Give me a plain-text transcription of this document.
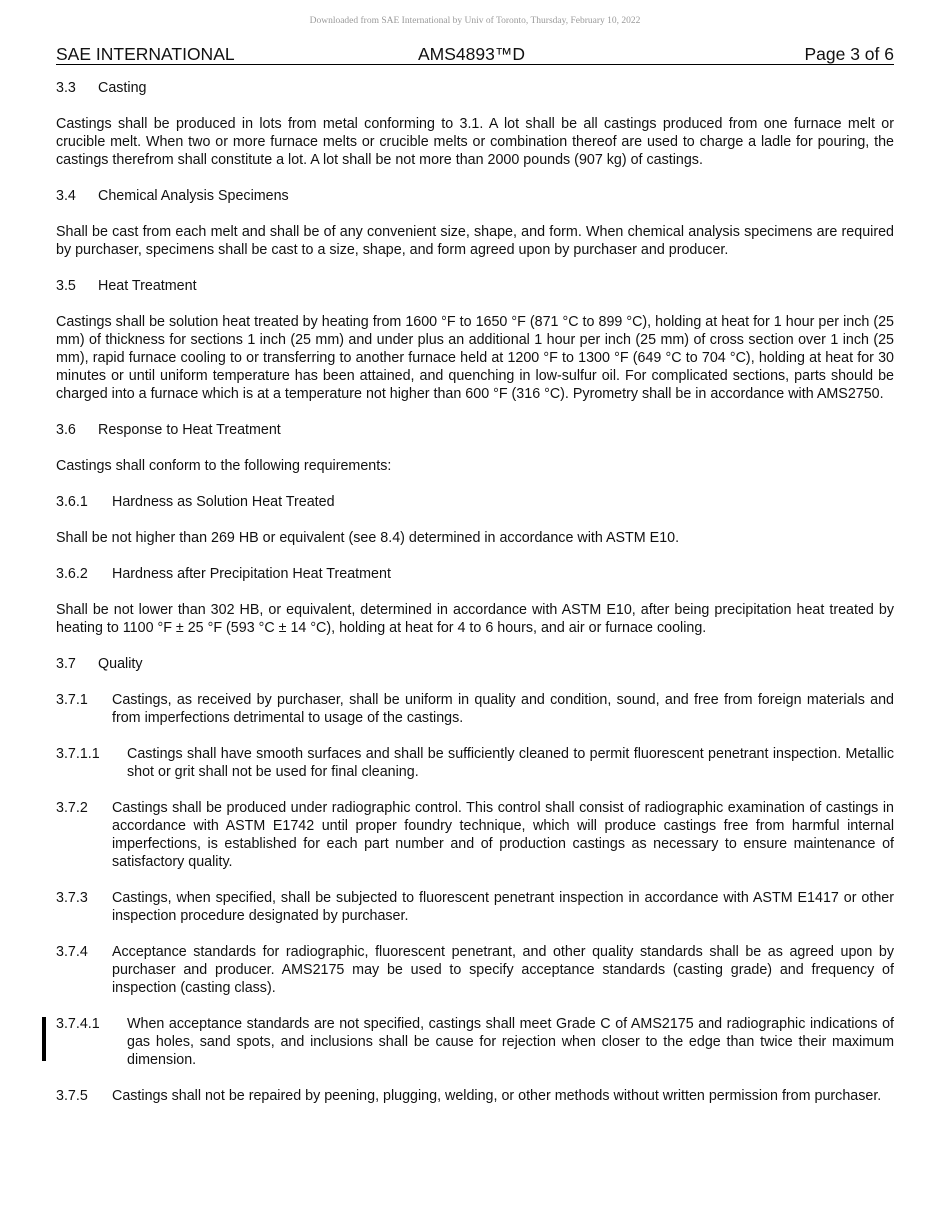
Downloaded from SAE International by Univ of Toronto, Thursday, February 10, 2022
SAE INTERNATIONAL	AMS4893™D	Page 3 of 6
3.3	Casting

Castings shall be produced in lots from metal conforming to 3.1. A lot shall be all castings produced from one furnace melt or crucible melt. When two or more furnace melts or crucible melts or combination thereof are used to charge a ladle for pouring, the castings therefrom shall constitute a lot. A lot shall be not more than 2000 pounds (907 kg) of castings.

3.4	Chemical Analysis Specimens

Shall be cast from each melt and shall be of any convenient size, shape, and form. When chemical analysis specimens are required by purchaser, specimens shall be cast to a size, shape, and form agreed upon by purchaser and producer.

3.5	Heat Treatment

Castings shall be solution heat treated by heating from 1600 °F to 1650 °F (871 °C to 899 °C), holding at heat for 1 hour per inch (25 mm) of thickness for sections 1 inch (25 mm) and under plus an additional 1 hour per inch (25 mm) of cross section over 1 inch (25 mm), rapid furnace cooling to or transferring to another furnace held at 1200 °F to 1300 °F (649 °C to 704 °C), holding at heat for 30 minutes or until uniform temperature has been attained, and quenching in low-sulfur oil. For complicated sections, parts should be charged into a furnace which is at a temperature not higher than 600 °F (316 °C). Pyrometry shall be in accordance with AMS2750.

3.6	Response to Heat Treatment

Castings shall conform to the following requirements:

3.6.1	Hardness as Solution Heat Treated

Shall be not higher than 269 HB or equivalent (see 8.4) determined in accordance with ASTM E10.

3.6.2	Hardness after Precipitation Heat Treatment

Shall be not lower than 302 HB, or equivalent, determined in accordance with ASTM E10, after being precipitation heat treated by heating to 1100 °F ± 25 °F (593 °C ± 14 °C), holding at heat for 4 to 6 hours, and air or furnace cooling.

3.7	Quality
3.7.1	Castings, as received by purchaser, shall be uniform in quality and condition, sound, and free from foreign materials and from imperfections detrimental to usage of the castings.
3.7.1.1	Castings shall have smooth surfaces and shall be sufficiently cleaned to permit fluorescent penetrant inspection. Metallic shot or grit shall not be used for final cleaning.
3.7.2	Castings shall be produced under radiographic control. This control shall consist of radiographic examination of castings in accordance with ASTM E1742 until proper foundry technique, which will produce castings free from harmful internal imperfections, is established for each part number and of production castings as necessary to ensure maintenance of satisfactory quality.
3.7.3	Castings, when specified, shall be subjected to fluorescent penetrant inspection in accordance with ASTM E1417 or other inspection procedure designated by purchaser.
3.7.4	Acceptance standards for radiographic, fluorescent penetrant, and other quality standards shall be as agreed upon by purchaser and producer. AMS2175 may be used to specify acceptance standards (casting grade) and frequency of inspection (casting class).
3.7.4.1	When acceptance standards are not specified, castings shall meet Grade C of AMS2175 and radiographic indications of gas holes, sand spots, and inclusions shall be cause for rejection when closer to the edge than twice their maximum dimension.
3.7.5	Castings shall not be repaired by peening, plugging, welding, or other methods without written permission from purchaser.
